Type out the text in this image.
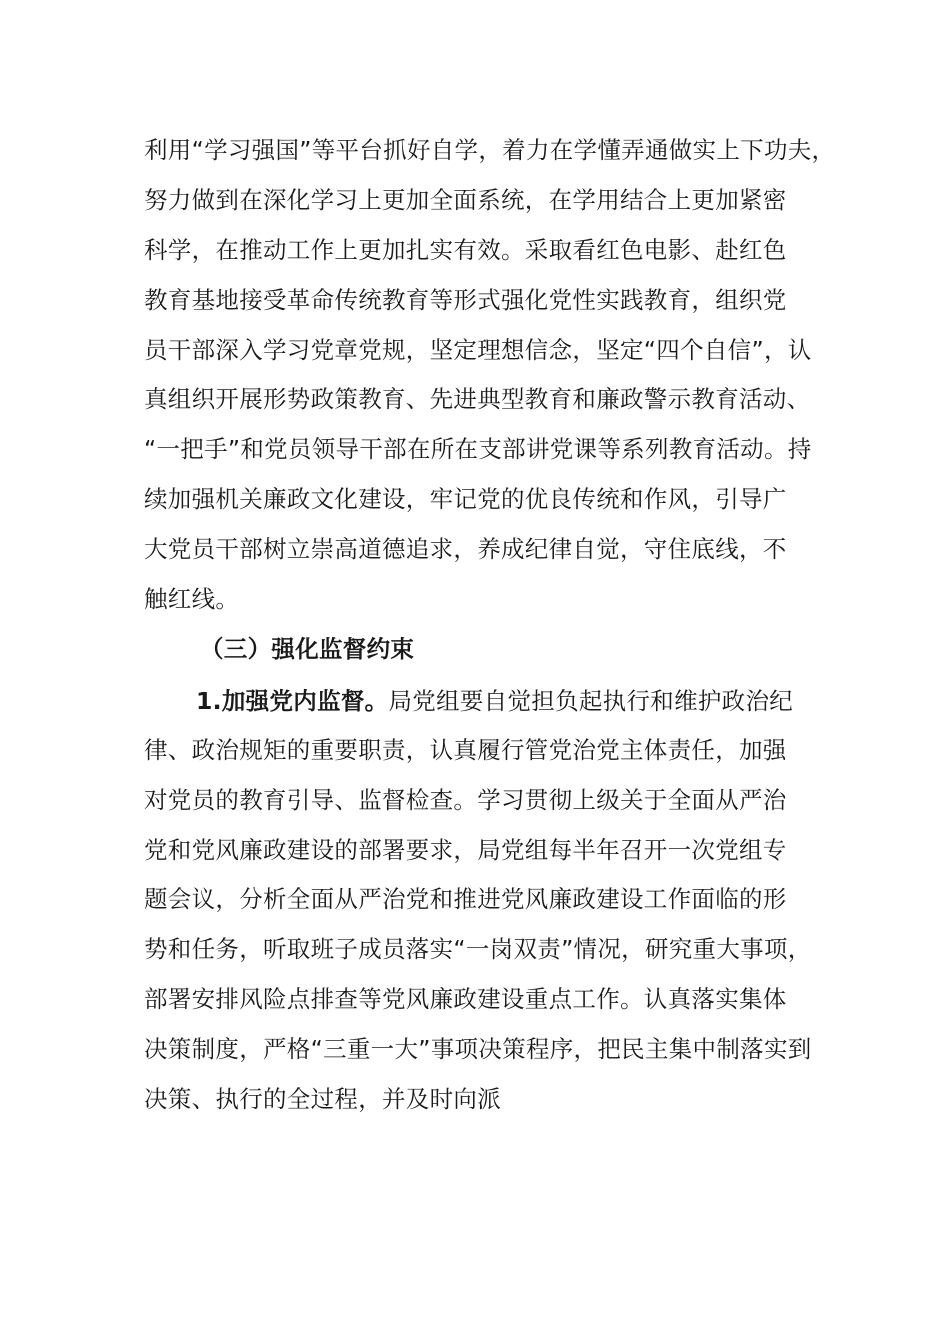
利用“学习强国”等平台抓好自学，着力在学懂弄通做实上下功夫，
努力做到在深化学习上更加全面系统，在学用结合上更加紧密
科学，在推动工作上更加扎实有效。采取看红色电影、赴红色
教育基地接受革命传统教育等形式强化党性实践教育，组织党
员干部深入学习党章党规，坚定理想信念，坚定“四个自信”，认
真组织开展形势政策教育、先进典型教育和廉政警示教育活动、
“一把手”和党员领导干部在所在支部讲党课等系列教育活动。持
续加强机关廉政文化建设，牢记党的优良传统和作风，引导广
大党员干部树立崇高道德追求，养成纪律自觉，守住底线，不
触红线。
（三）强化监督约束
1.加强党内监督。局党组要自觉担负起执行和维护政治纪
律、政治规矩的重要职责，认真履行管党治党主体责任，加强
对党员的教育引导、监督检查。学习贯彻上级关于全面从严治
党和党风廉政建设的部署要求，局党组每半年召开一次党组专
题会议，分析全面从严治党和推进党风廉政建设工作面临的形
势和任务，听取班子成员落实“一岗双责”情况，研究重大事项，
部署安排风险点排查等党风廉政建设重点工作。认真落实集体
决策制度，严格“三重一大”事项决策程序，把民主集中制落实到
决策、执行的全过程，并及时向派
